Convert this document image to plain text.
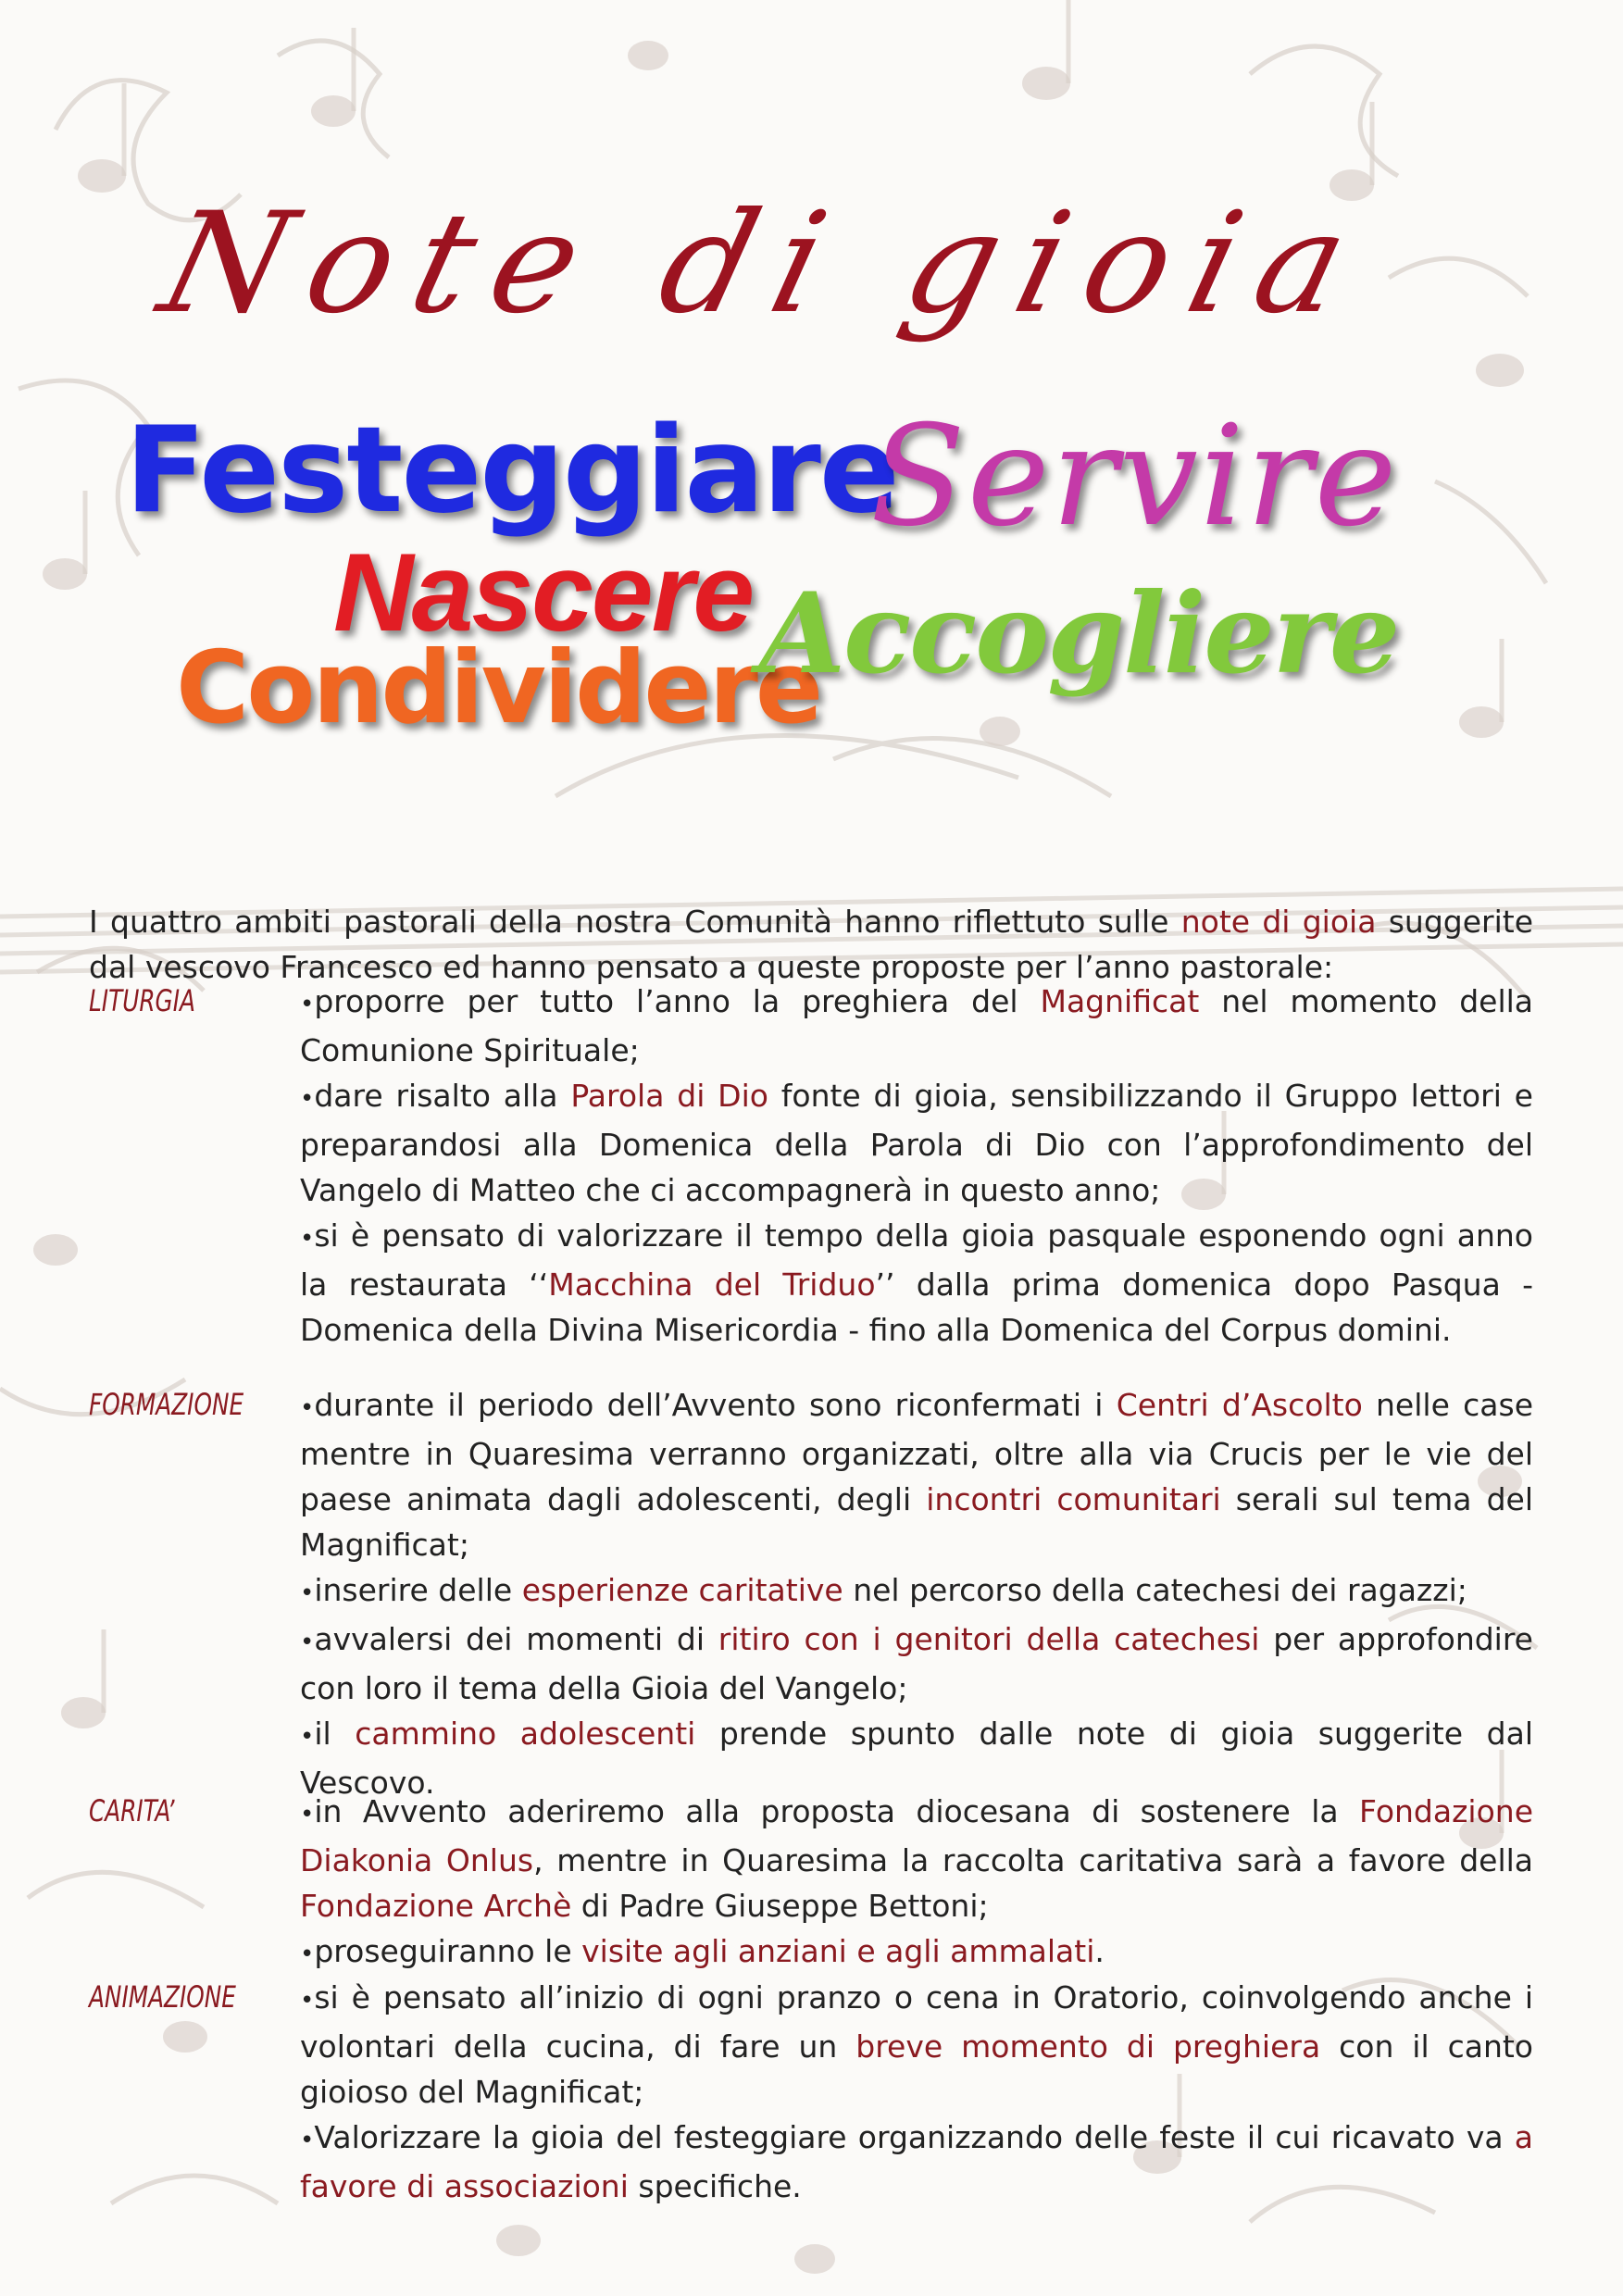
Note di gioia
Festeggiare
Servire
Nascere
Condividere
Accogliere

I quattro ambiti pastorali della nostra Comunità hanno riflettuto sulle note di gioia suggerite dal vescovo Francesco ed hanno pensato a queste proposte per l’anno pastorale:

LITURGIA	• proporre per tutto l’anno la preghiera del Magnificat nel momento della Comunione Spirituale;

• dare risalto alla Parola di Dio fonte di gioia, sensibilizzando il Gruppo lettori e preparandosi alla Domenica della Parola di Dio con l’approfondimento del Vangelo di Matteo che ci accompagnerà in questo anno;

• si è pensato di valorizzare il tempo della gioia pasquale esponendo ogni anno la restaurata ‘‘Macchina del Triduo’’ dalla prima domenica dopo Pasqua - Domenica della Divina Misericordia - fino alla Domenica del Corpus domini.

FORMAZIONE	• durante il periodo dell’Avvento sono riconfermati i Centri d’Ascolto nelle case mentre in Quaresima verranno organizzati, oltre alla via Crucis per le vie del paese animata dagli adolescenti, degli incontri comunitari serali sul tema del Magnificat;

• inserire delle esperienze caritative nel percorso della catechesi dei ragazzi;

• avvalersi dei momenti di ritiro con i genitori della catechesi per approfondire con loro il tema della Gioia del Vangelo;

• il cammino adolescenti prende spunto dalle note di gioia suggerite dal Vescovo.

CARITA’	• in Avvento aderiremo alla proposta diocesana di sostenere la Fondazione Diakonia Onlus, mentre in Quaresima la raccolta caritativa sarà a favore della Fondazione Archè di Padre Giuseppe Bettoni;

• proseguiranno le visite agli anziani e agli ammalati.

ANIMAZIONE	• si è pensato all’inizio di ogni pranzo o cena in Oratorio, coinvolgendo anche i volontari della cucina, di fare un breve momento di preghiera con il canto gioioso del Magnificat;

• Valorizzare la gioia del festeggiare organizzando delle feste il cui ricavato va a favore di associazioni specifiche.
